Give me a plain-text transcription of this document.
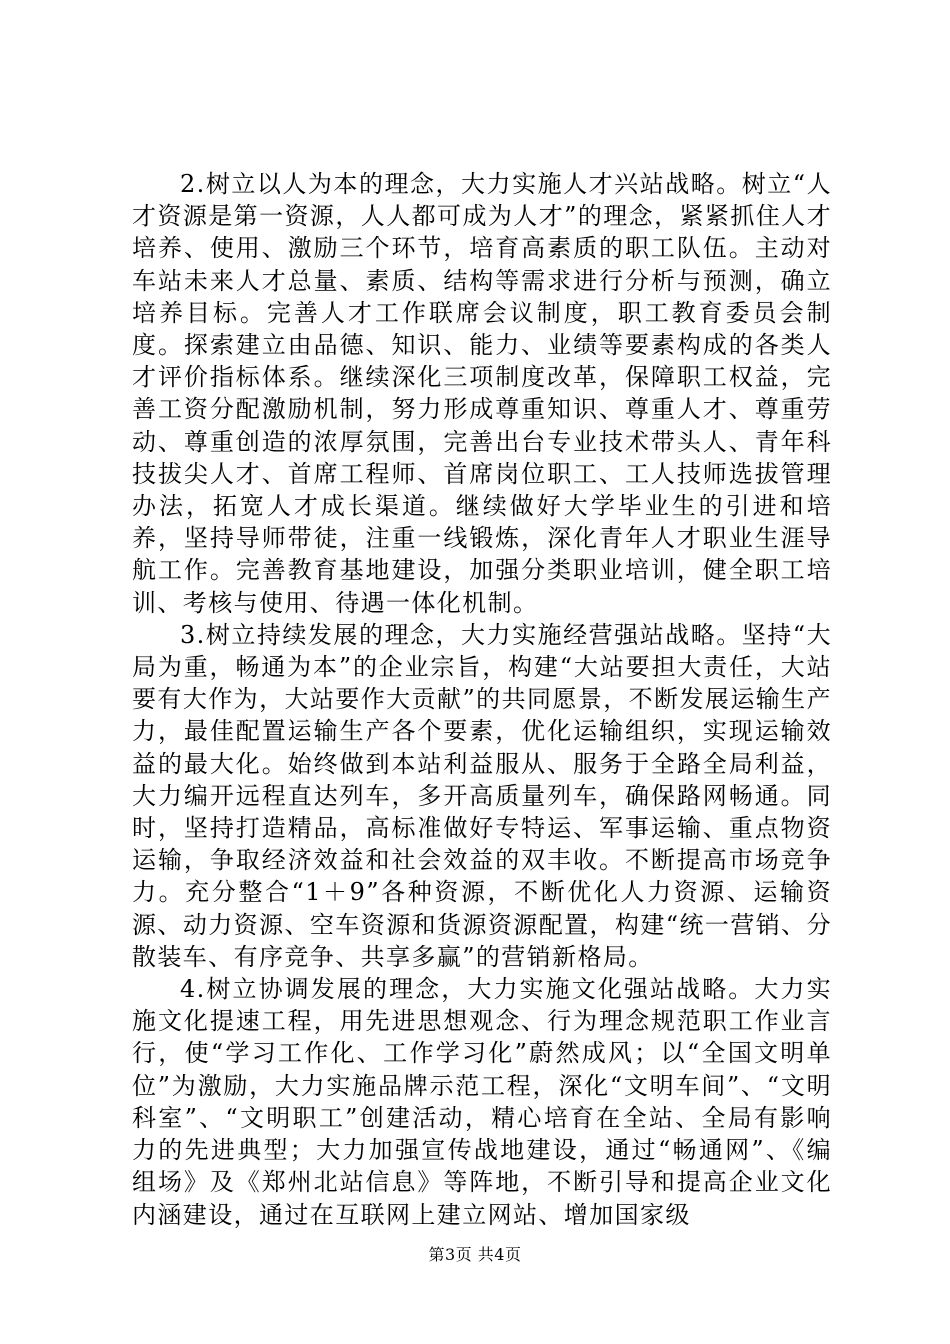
2.树立以人为本的理念，大力实施人才兴站战略。树立“人才资源是第一资源，人人都可成为人才”的理念，紧紧抓住人才培养、使用、激励三个环节，培育高素质的职工队伍。主动对车站未来人才总量、素质、结构等需求进行分析与预测，确立培养目标。完善人才工作联席会议制度，职工教育委员会制度。探索建立由品德、知识、能力、业绩等要素构成的各类人才评价指标体系。继续深化三项制度改革，保障职工权益，完善工资分配激励机制，努力形成尊重知识、尊重人才、尊重劳动、尊重创造的浓厚氛围，完善出台专业技术带头人、青年科技拔尖人才、首席工程师、首席岗位职工、工人技师选拔管理办法，拓宽人才成长渠道。继续做好大学毕业生的引进和培养，坚持导师带徒，注重一线锻炼，深化青年人才职业生涯导航工作。完善教育基地建设，加强分类职业培训，健全职工培训、考核与使用、待遇一体化机制。

3.树立持续发展的理念，大力实施经营强站战略。坚持“大局为重，畅通为本”的企业宗旨，构建“大站要担大责任，大站要有大作为，大站要作大贡献”的共同愿景，不断发展运输生产力，最佳配置运输生产各个要素，优化运输组织，实现运输效益的最大化。始终做到本站利益服从、服务于全路全局利益，大力编开远程直达列车，多开高质量列车，确保路网畅通。同时，坚持打造精品，高标准做好专特运、军事运输、重点物资运输，争取经济效益和社会效益的双丰收。不断提高市场竞争力。充分整合“1＋9”各种资源，不断优化人力资源、运输资源、动力资源、空车资源和货源资源配置，构建“统一营销、分散装车、有序竞争、共享多赢”的营销新格局。

4.树立协调发展的理念，大力实施文化强站战略。大力实施文化提速工程，用先进思想观念、行为理念规范职工作业言行，使“学习工作化、工作学习化”蔚然成风；以“全国文明单位”为激励，大力实施品牌示范工程，深化“文明车间”、“文明科室”、“文明职工”创建活动，精心培育在全站、全局有影响力的先进典型；大力加强宣传战地建设，通过“畅通网”、《编组场》及《郑州北站信息》等阵地，不断引导和提高企业文化内涵建设，通过在互联网上建立网站、增加国家级

第3页 共4页
